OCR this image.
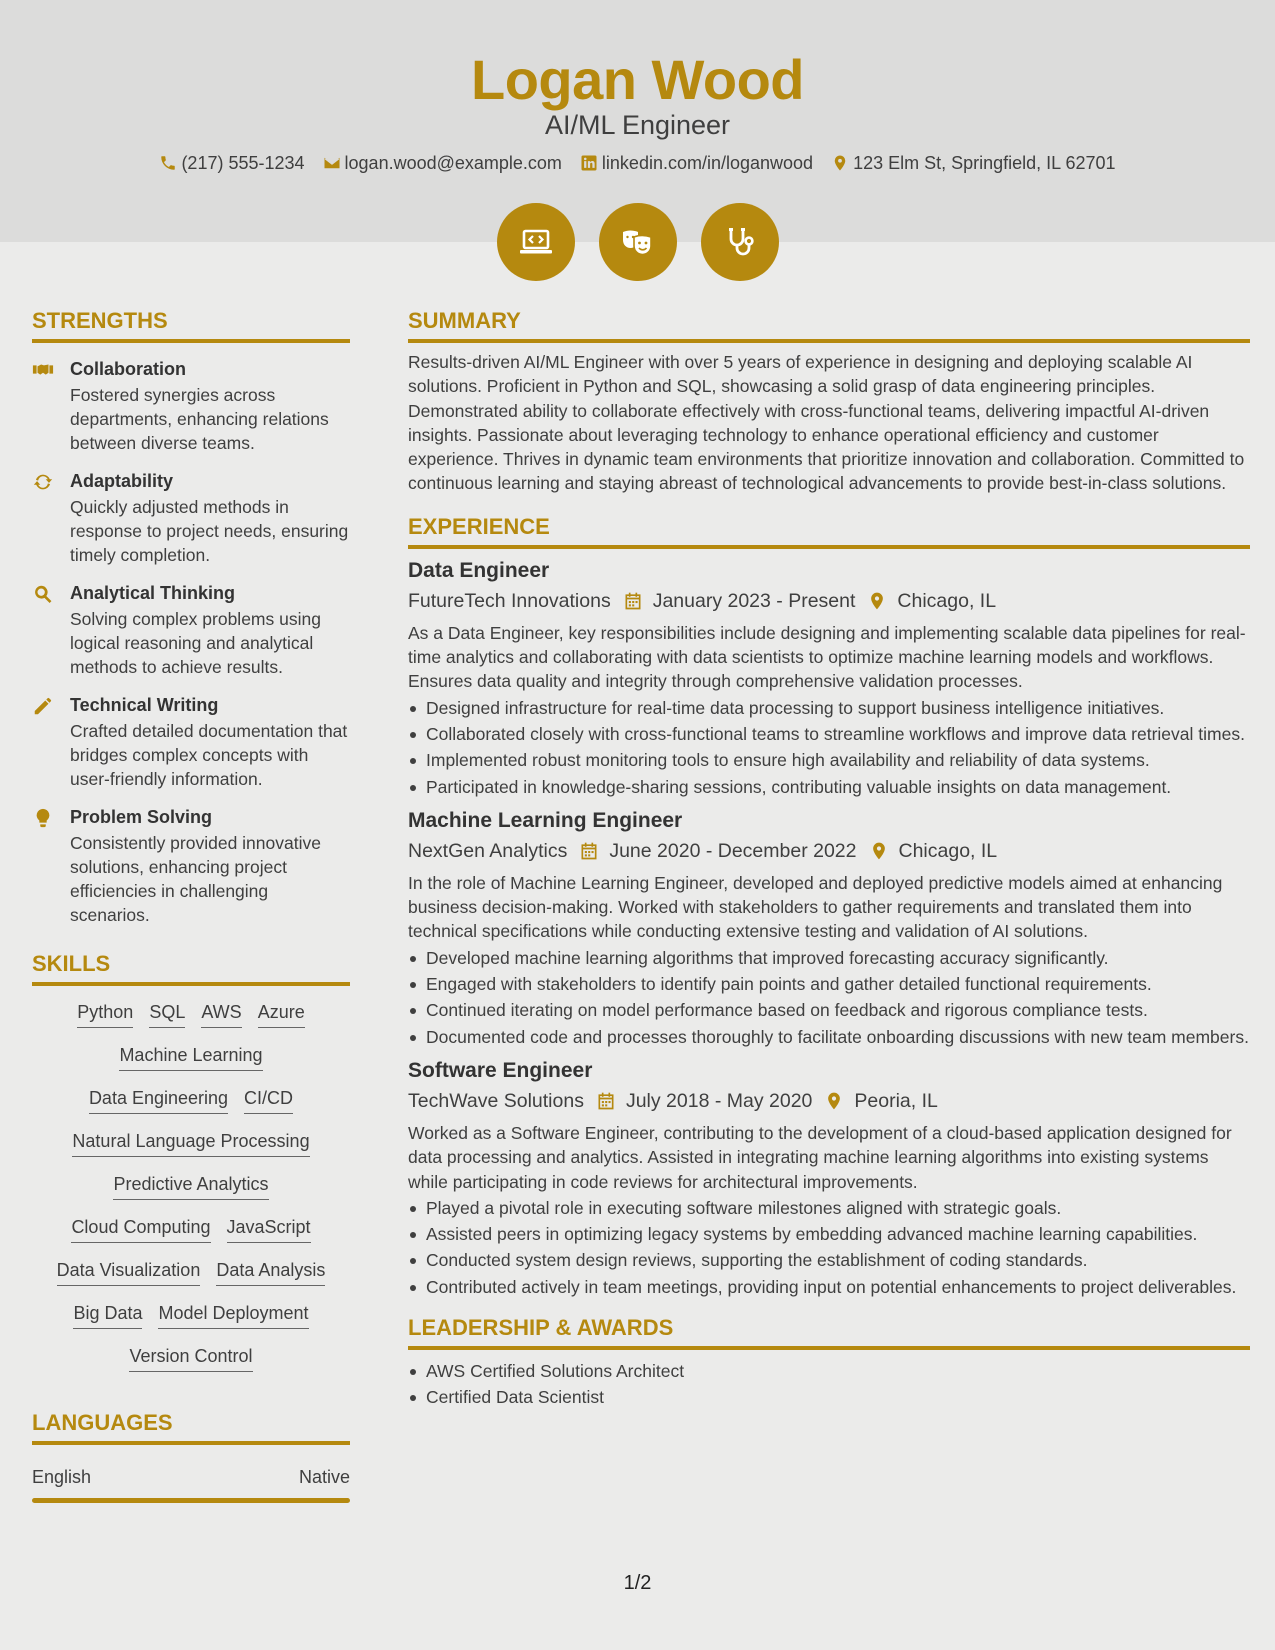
Logan Wood
AI/ML Engineer
(217) 555-1234 logan.wood@example.com linkedin.com/in/loganwood 123 Elm St, Springfield, IL 62701
STRENGTHS
Collaboration
Fostered synergies across departments, enhancing relations between diverse teams.
Adaptability
Quickly adjusted methods in response to project needs, ensuring timely completion.
Analytical Thinking
Solving complex problems using logical reasoning and analytical methods to achieve results.
Technical Writing
Crafted detailed documentation that bridges complex concepts with user-friendly information.
Problem Solving
Consistently provided innovative solutions, enhancing project efficiencies in challenging scenarios.
SKILLS
Python SQL AWS Azure
Machine Learning
Data Engineering CI/CD
Natural Language Processing
Predictive Analytics
Cloud Computing JavaScript
Data Visualization Data Analysis
Big Data Model Deployment
Version Control
LANGUAGES
English	Native
SUMMARY
Results-driven AI/ML Engineer with over 5 years of experience in designing and deploying scalable AI solutions. Proficient in Python and SQL, showcasing a solid grasp of data engineering principles. Demonstrated ability to collaborate effectively with cross-functional teams, delivering impactful AI-driven insights. Passionate about leveraging technology to enhance operational efficiency and customer experience. Thrives in dynamic team environments that prioritize innovation and collaboration. Committed to continuous learning and staying abreast of technological advancements to provide best-in-class solutions.
EXPERIENCE
Data Engineer
FutureTech Innovations January 2023 - Present Chicago, IL
As a Data Engineer, key responsibilities include designing and implementing scalable data pipelines for real-time analytics and collaborating with data scientists to optimize machine learning models and workflows. Ensures data quality and integrity through comprehensive validation processes.
Designed infrastructure for real-time data processing to support business intelligence initiatives.
Collaborated closely with cross-functional teams to streamline workflows and improve data retrieval times.
Implemented robust monitoring tools to ensure high availability and reliability of data systems.
Participated in knowledge-sharing sessions, contributing valuable insights on data management.
Machine Learning Engineer
NextGen Analytics June 2020 - December 2022 Chicago, IL
In the role of Machine Learning Engineer, developed and deployed predictive models aimed at enhancing business decision-making. Worked with stakeholders to gather requirements and translated them into technical specifications while conducting extensive testing and validation of AI solutions.
Developed machine learning algorithms that improved forecasting accuracy significantly.
Engaged with stakeholders to identify pain points and gather detailed functional requirements.
Continued iterating on model performance based on feedback and rigorous compliance tests.
Documented code and processes thoroughly to facilitate onboarding discussions with new team members.
Software Engineer
TechWave Solutions July 2018 - May 2020 Peoria, IL
Worked as a Software Engineer, contributing to the development of a cloud-based application designed for data processing and analytics. Assisted in integrating machine learning algorithms into existing systems while participating in code reviews for architectural improvements.
Played a pivotal role in executing software milestones aligned with strategic goals.
Assisted peers in optimizing legacy systems by embedding advanced machine learning capabilities.
Conducted system design reviews, supporting the establishment of coding standards.
Contributed actively in team meetings, providing input on potential enhancements to project deliverables.
LEADERSHIP & AWARDS
AWS Certified Solutions Architect
Certified Data Scientist
1/2
